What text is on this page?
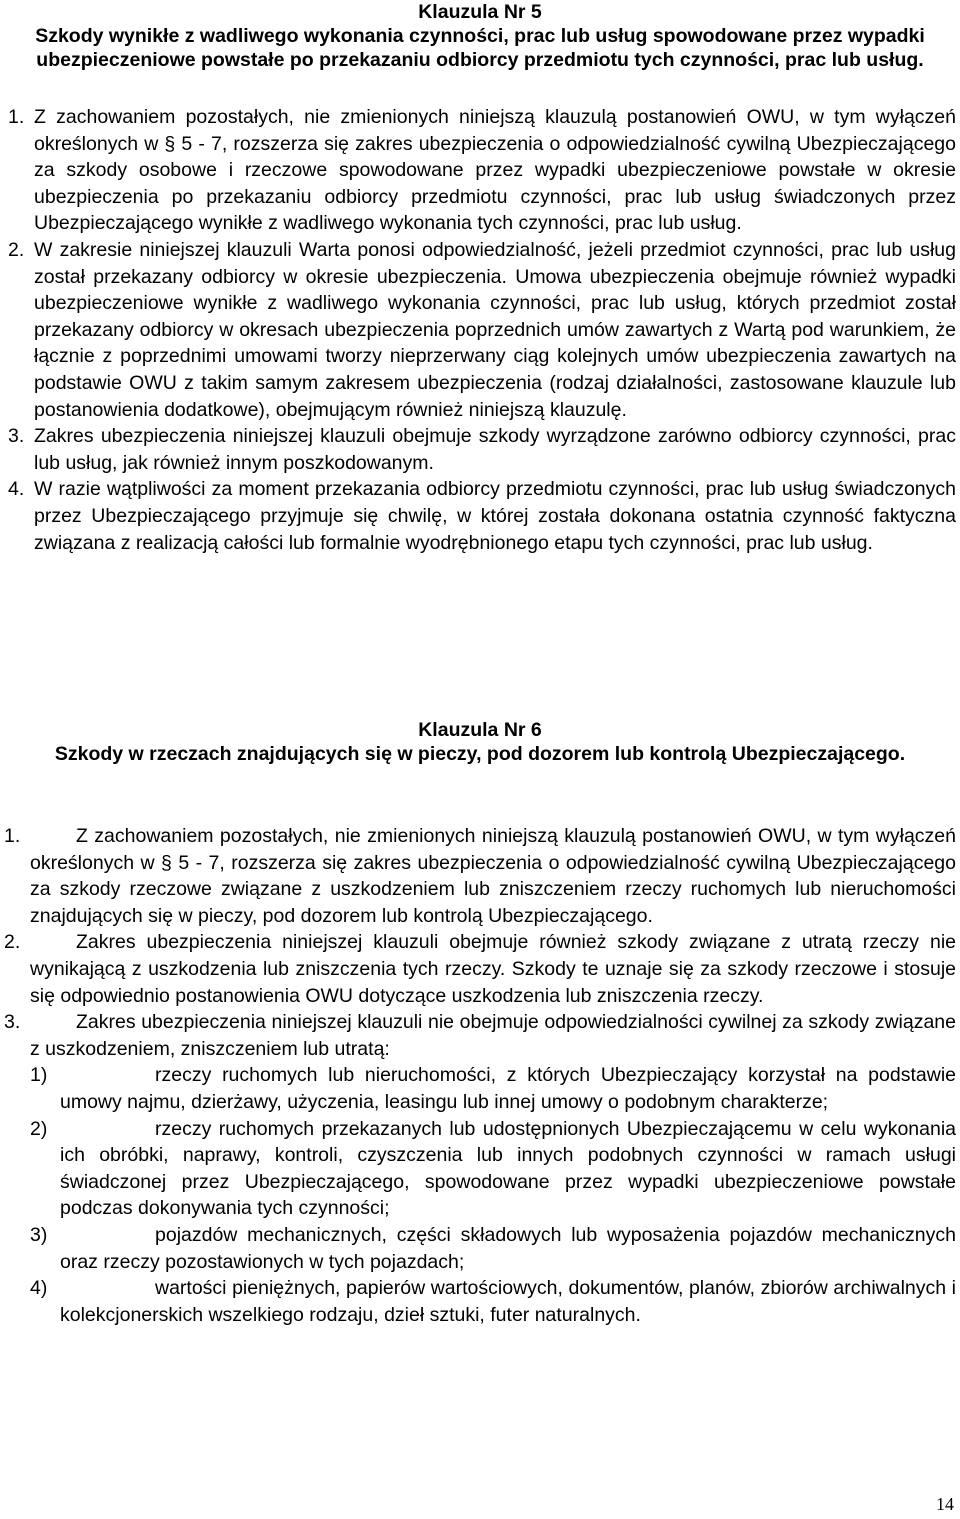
Klauzula Nr 5

Szkody wynikłe z wadliwego wykonania czynności, prac lub usług spowodowane przez wypadki ubezpieczeniowe powstałe po przekazaniu odbiorcy przedmiotu tych czynności, prac lub usług.

1. Z zachowaniem pozostałych, nie zmienionych niniejszą klauzulą postanowień OWU, w tym wyłączeń określonych w § 5 - 7, rozszerza się zakres ubezpieczenia o odpowiedzialność cywilną Ubezpieczającego za szkody osobowe i rzeczowe spowodowane przez wypadki ubezpieczeniowe powstałe w okresie ubezpieczenia po przekazaniu odbiorcy przedmiotu czynności, prac lub usług świadczonych przez Ubezpieczającego wynikłe z wadliwego wykonania tych czynności, prac lub usług.
2. W zakresie niniejszej klauzuli Warta ponosi odpowiedzialność, jeżeli przedmiot czynności, prac lub usług został przekazany odbiorcy w okresie ubezpieczenia. Umowa ubezpieczenia obejmuje również wypadki ubezpieczeniowe wynikłe z wadliwego wykonania czynności, prac lub usług, których przedmiot został przekazany odbiorcy w okresach ubezpieczenia poprzednich umów zawartych z Wartą pod warunkiem, że łącznie z poprzednimi umowami tworzy nieprzerwany ciąg kolejnych umów ubezpieczenia zawartych na podstawie OWU z takim samym zakresem ubezpieczenia (rodzaj działalności, zastosowane klauzule lub postanowienia dodatkowe), obejmującym również niniejszą klauzulę.
3. Zakres ubezpieczenia niniejszej klauzuli obejmuje szkody wyrządzone zarówno odbiorcy czynności, prac lub usług, jak również innym poszkodowanym.
4. W razie wątpliwości za moment przekazania odbiorcy przedmiotu czynności, prac lub usług świadczonych przez Ubezpieczającego przyjmuje się chwilę, w której została dokonana ostatnia czynność faktyczna związana z realizacją całości lub formalnie wyodrębnionego etapu tych czynności, prac lub usług.

Klauzula Nr 6

Szkody w rzeczach znajdujących się w pieczy, pod dozorem lub kontrolą Ubezpieczającego.

1.	Z zachowaniem pozostałych, nie zmienionych niniejszą klauzulą postanowień OWU, w tym wyłączeń określonych w § 5 - 7, rozszerza się zakres ubezpieczenia o odpowiedzialność cywilną Ubezpieczającego za szkody rzeczowe związane z uszkodzeniem lub zniszczeniem rzeczy ruchomych lub nieruchomości znajdujących się w pieczy, pod dozorem lub kontrolą Ubezpieczającego.
2.	Zakres ubezpieczenia niniejszej klauzuli obejmuje również szkody związane z utratą rzeczy nie wynikającą z uszkodzenia lub zniszczenia tych rzeczy. Szkody te uznaje się za szkody rzeczowe i stosuje się odpowiednio postanowienia OWU dotyczące uszkodzenia lub zniszczenia rzeczy.
3.	Zakres ubezpieczenia niniejszej klauzuli nie obejmuje odpowiedzialności cywilnej za szkody związane z uszkodzeniem, zniszczeniem lub utratą:
1)	rzeczy ruchomych lub nieruchomości, z których Ubezpieczający korzystał na podstawie umowy najmu, dzierżawy, użyczenia, leasingu lub innej umowy o podobnym charakterze;
2)	rzeczy ruchomych przekazanych lub udostępnionych Ubezpieczającemu w celu wykonania ich obróbki, naprawy, kontroli, czyszczenia lub innych podobnych czynności w ramach usługi świadczonej przez Ubezpieczającego, spowodowane przez wypadki ubezpieczeniowe powstałe podczas dokonywania tych czynności;
3)	pojazdów mechanicznych, części składowych lub wyposażenia pojazdów mechanicznych oraz rzeczy pozostawionych w tych pojazdach;
4)	wartości pieniężnych, papierów wartościowych, dokumentów, planów, zbiorów archiwalnych i kolekcjonerskich wszelkiego rodzaju, dzieł sztuki, futer naturalnych.
14
